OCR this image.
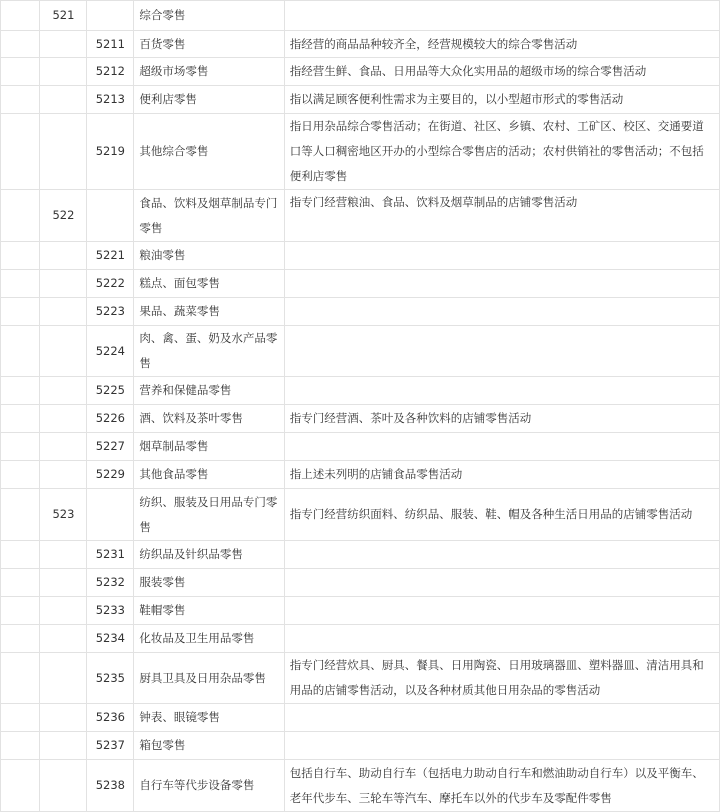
	521		综合零售	
		5211	百货零售	指经营的商品品种较齐全，经营规模较大的综合零售活动
		5212	超级市场零售	指经营生鲜、食品、日用品等大众化实用品的超级市场的综合零售活动
		5213	便利店零售	指以满足顾客便利性需求为主要目的，以小型超市形式的零售活动
		5219	其他综合零售	指日用杂品综合零售活动；在街道、社区、乡镇、农村、工矿区、校区、交通要道口等人口稠密地区开办的小型综合零售店的活动；农村供销社的零售活动；不包括便利店零售
	522		食品、饮料及烟草制品专门零售	指专门经营粮油、食品、饮料及烟草制品的店铺零售活动
		5221	粮油零售	
		5222	糕点、面包零售	
		5223	果品、蔬菜零售	
		5224	肉、禽、蛋、奶及水产品零售	
		5225	营养和保健品零售	
		5226	酒、饮料及茶叶零售	指专门经营酒、茶叶及各种饮料的店铺零售活动
		5227	烟草制品零售	
		5229	其他食品零售	指上述未列明的店铺食品零售活动
	523		纺织、服装及日用品专门零售	指专门经营纺织面料、纺织品、服装、鞋、帽及各种生活日用品的店铺零售活动
		5231	纺织品及针织品零售	
		5232	服装零售	
		5233	鞋帽零售	
		5234	化妆品及卫生用品零售	
		5235	厨具卫具及日用杂品零售	指专门经营炊具、厨具、餐具、日用陶瓷、日用玻璃器皿、塑料器皿、清洁用具和用品的店铺零售活动，以及各种材质其他日用杂品的零售活动
		5236	钟表、眼镜零售	
		5237	箱包零售	
		5238	自行车等代步设备零售	包括自行车、助动自行车（包括电力助动自行车和燃油助动自行车）以及平衡车、老年代步车、三轮车等汽车、摩托车以外的代步车及零配件零售
